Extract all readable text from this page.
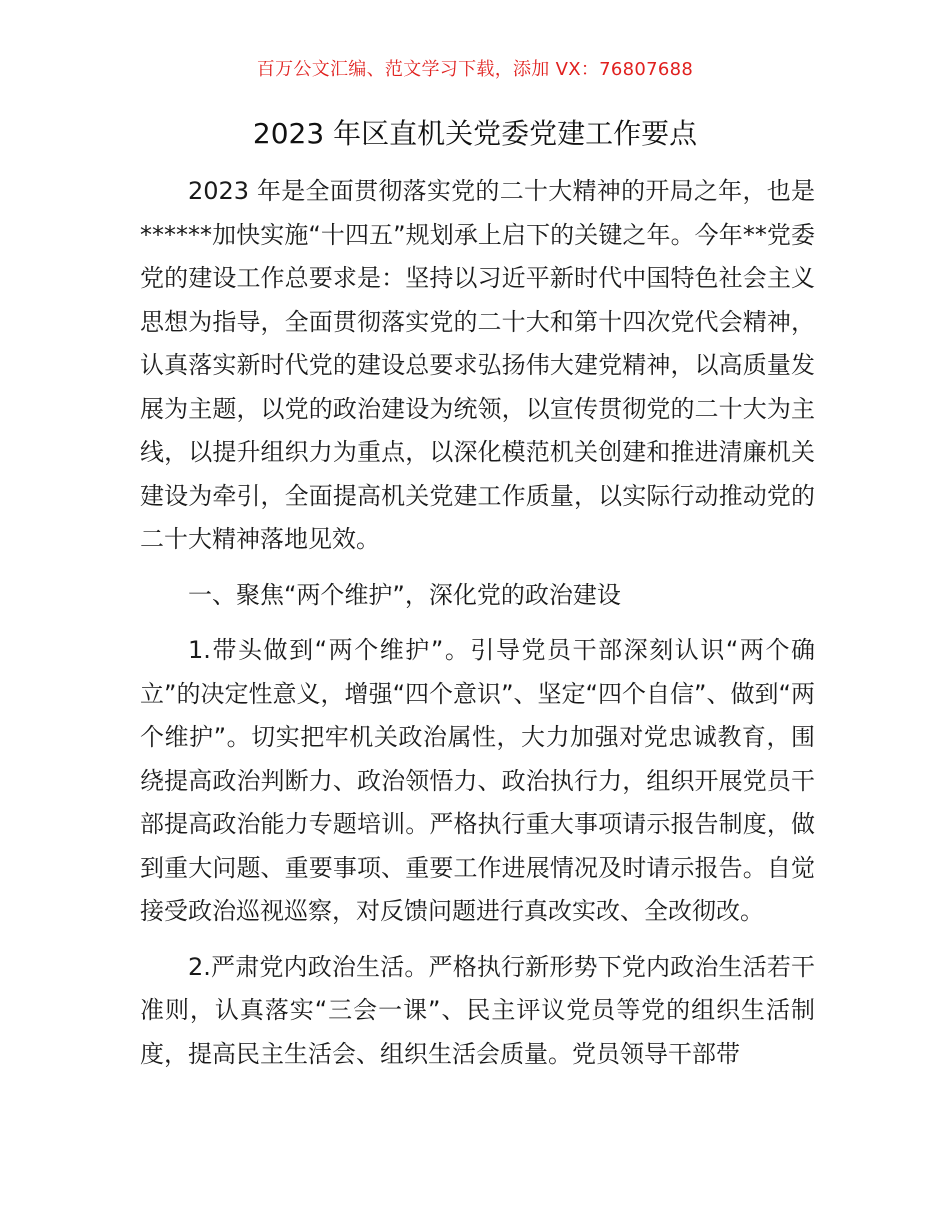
百万公文汇编、范文学习下载，添加 VX：76807688
2023 年区直机关党委党建工作要点

2023 年是全面贯彻落实党的二十大精神的开局之年，也是******加快实施“十四五”规划承上启下的关键之年。今年**党委党的建设工作总要求是：坚持以习近平新时代中国特色社会主义思想为指导，全面贯彻落实党的二十大和第十四次党代会精神，认真落实新时代党的建设总要求弘扬伟大建党精神，以高质量发展为主题，以党的政治建设为统领，以宣传贯彻党的二十大为主线，以提升组织力为重点，以深化模范机关创建和推进清廉机关建设为牵引，全面提高机关党建工作质量，以实际行动推动党的二十大精神落地见效。

一、聚焦“两个维护”，深化党的政治建设

1.带头做到“两个维护”。引导党员干部深刻认识“两个确立”的决定性意义，增强“四个意识”、坚定“四个自信”、做到“两个维护”。切实把牢机关政治属性，大力加强对党忠诚教育，围绕提高政治判断力、政治领悟力、政治执行力，组织开展党员干部提高政治能力专题培训。严格执行重大事项请示报告制度，做到重大问题、重要事项、重要工作进展情况及时请示报告。自觉接受政治巡视巡察，对反馈问题进行真改实改、全改彻改。

2.严肃党内政治生活。严格执行新形势下党内政治生活若干准则，认真落实“三会一课”、民主评议党员等党的组织生活制度，提高民主生活会、组织生活会质量。党员领导干部带
